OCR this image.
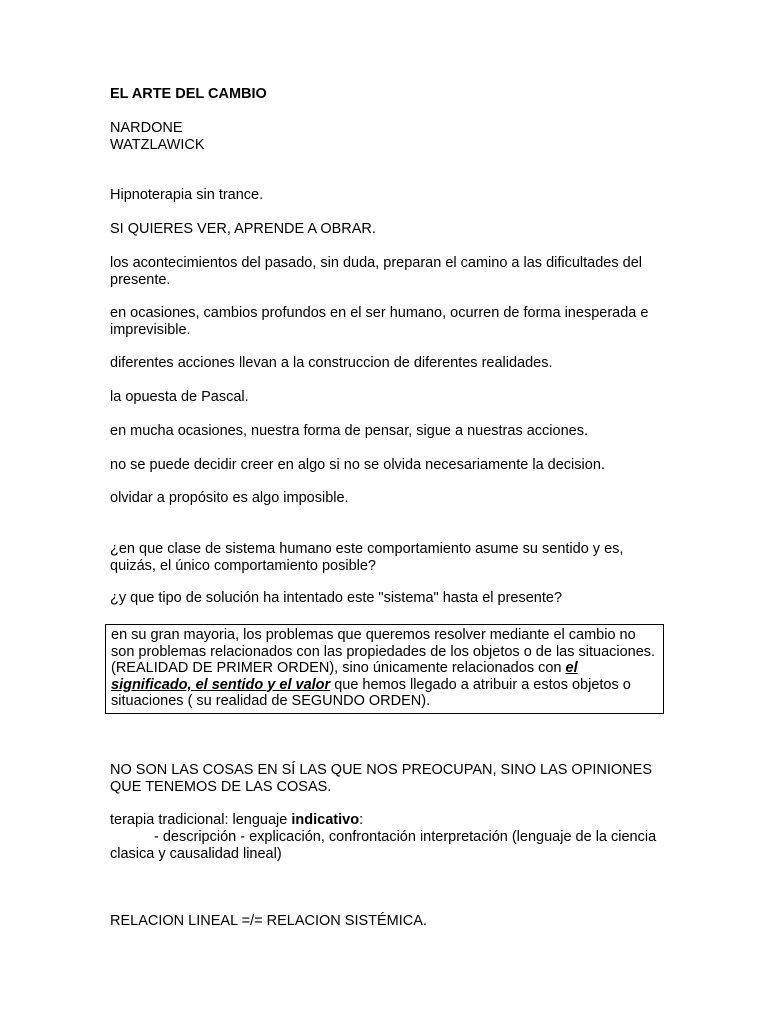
EL ARTE DEL CAMBIO

NARDONE

WATZLAWICK

Hipnoterapia sin trance.

SI QUIERES VER, APRENDE A OBRAR.

los acontecimientos del pasado, sin duda, preparan el camino a las dificultades del presente.

en ocasiones, cambios profundos en el ser humano, ocurren de forma inesperada e imprevisible.

diferentes acciones llevan a la construccion de diferentes realidades.

la opuesta de Pascal.

en mucha ocasiones, nuestra forma de pensar, sigue a nuestras acciones.

no se puede decidir creer en algo si no se olvida necesariamente la decision.

olvidar a propósito es algo imposible.

¿en que clase de sistema humano este comportamiento asume su sentido y es, quizás, el único comportamiento posible?

¿y que tipo de solución ha intentado este "sistema" hasta el presente?

en su gran mayoria, los problemas que queremos resolver mediante el cambio no son problemas relacionados con las propiedades de los objetos o de las situaciones. (REALIDAD DE PRIMER ORDEN), sino únicamente relacionados con el significado, el sentido y el valor que hemos llegado a atribuir a estos objetos o situaciones ( su realidad de SEGUNDO ORDEN).

NO SON LAS COSAS EN SÍ LAS QUE NOS PREOCUPAN, SINO LAS OPINIONES QUE TENEMOS DE LAS COSAS.

terapia tradicional: lenguaje indicativo:

- descripción - explicación, confrontación interpretación (lenguaje de la ciencia clasica y causalidad lineal)

RELACION LINEAL =/= RELACION SISTÉMICA.
